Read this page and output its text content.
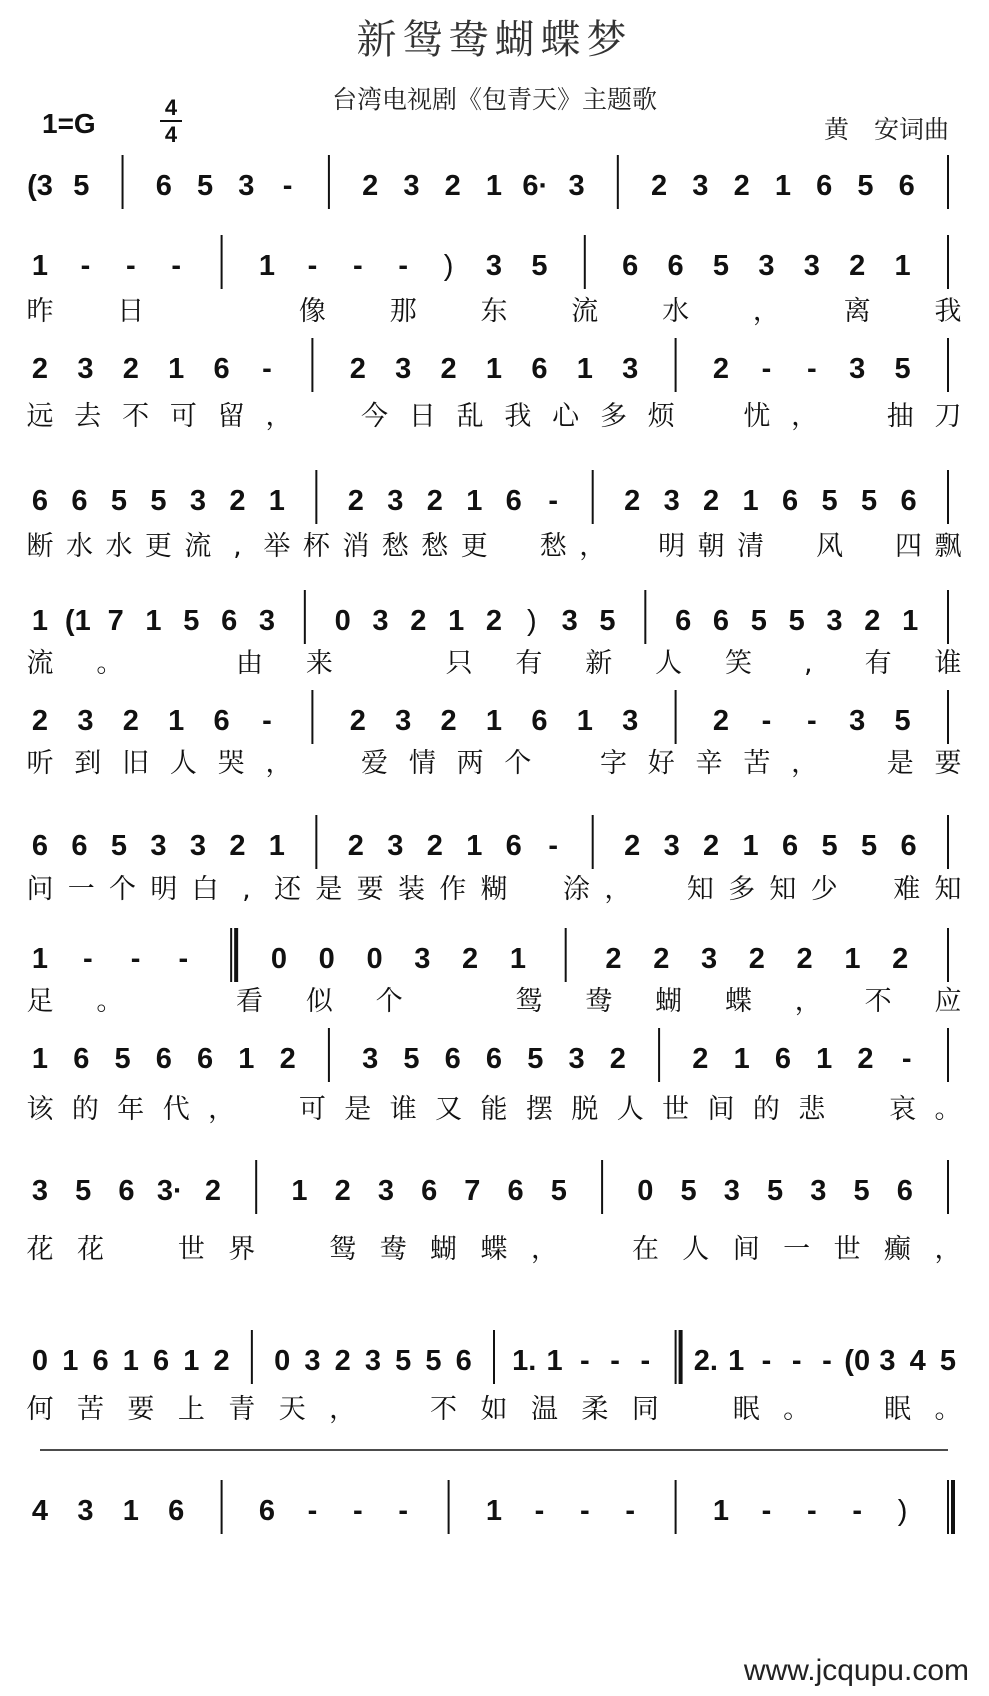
新鸳鸯蝴蝶梦
台湾电视剧《包青天》主题歌
1=G
4
4	黄　安词曲
(3 5 6 5 3 - 2 3 2 1 6· 3 2 3 2 1 6 5 6
1 - - -	1 - - - ) 3 5	6 6 5 3 3 2 1
昨 日	像 那 东 流 水 ， 离 我
2 3 2 1 6 -	2 3 2 1 6 1 3	2 - - 3 5
远 去 不 可 留 ，	今 日 乱 我 心 多 烦	忧 ，	抽 刀
6 6 5 5 3 2 1 2 3 2 1 6 - 2 3 2 1 6 5 5 6
断 水 水 更 流 , 举 杯 消 愁 愁 更 愁 ， 明 朝 清 风 四 飘
1 (1 7 1 5 6 3 0 3 2 1 2 ) 3 5 6 6 5 5 3 2 1
流 。	由 来	只 有 新 人 笑 , 有 谁
2 3 2 1 6 -	2 3 2 1 6 1 3	2 - - 3 5
听 到 旧 人 哭 ，	爱 情 两 个	字 好 辛 苦 ，	是 要
6 6 5 3 3 2 1 2 3 2 1 6 - 2 3 2 1 6 5 5 6
问 一 个 明 白 , 还 是 要 装 作 糊 涂 ， 知 多 知 少 难 知
1 - - -	0 0 0 3 2 1	2 2 3 2 2 1 2
足 。	看 似 个	鸳 鸯 蝴 蝶 ， 不 应
1 6 5 6 6 1 2 3 5 6 6 5 3 2 2 1 6 1 2 -
该 的 年 代 ， 可 是 谁 又 能 摆 脱 人 世 间 的 悲 哀 。
3 5 6 3· 2 1 2 3 6 7 6 5 0 5 3 5 3 5 6
花 花	世 界	鸳 鸯 蝴 蝶 ，	在 人 间 一 世 癫 ，
0 1 6 1 6 1 2 0 3 2 3 5 5 6 1. 1 - - - 2. 1 - - - (0 3 4 5
何 苦 要 上 青 天 ，	不 如 温 柔 同	眠 。	眠 。
4 3 1 6	6 - - -	1 - - -	1 - - - )
www.jcqupu.com
